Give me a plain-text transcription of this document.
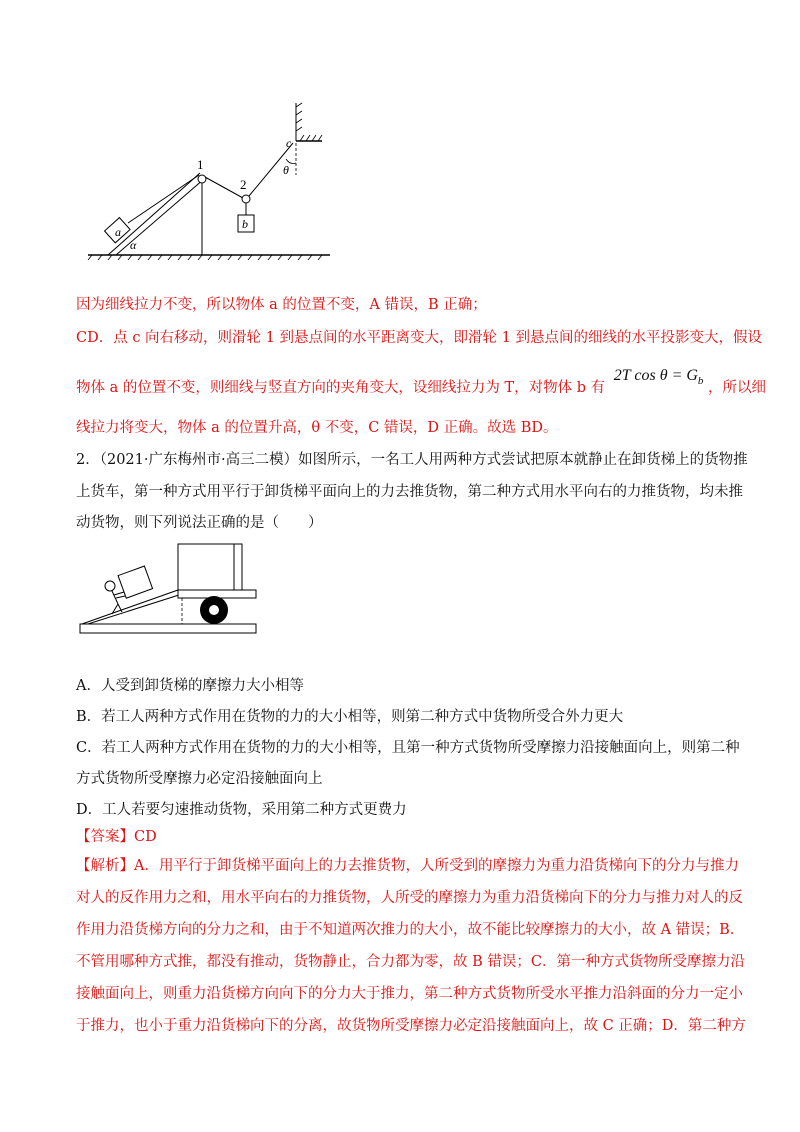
a
α
1
2
b
c
θ
因为细线拉力不变，所以物体 a 的位置不变，A 错误，B 正确；
CD．点 c 向右移动，则滑轮 1 到悬点间的水平距离变大，即滑轮 1 到悬点间的细线的水平投影变大，假设
物体 a 的位置不变，则细线与竖直方向的夹角变大，设细线拉力为 T，对物体 b 有 2T $\cos \theta = G_b$ ，所以细
线拉力将变大，物体 a 的位置升高，θ 不变，C 错误，D 正确。故选 BD。
2．（2021·广东梅州市·高三二模）如图所示，一名工人用两种方式尝试把原本就静止在卸货梯上的货物推
上货车，第一种方式用平行于卸货梯平面向上的力去推货物，第二种方式用水平向右的力推货物，均未推
动货物，则下列说法正确的是（　　）
A．人受到卸货梯的摩擦力大小相等
B．若工人两种方式作用在货物的力的大小相等，则第二种方式中货物所受合外力更大
C．若工人两种方式作用在货物的力的大小相等，且第一种方式货物所受摩擦力沿接触面向上，则第二种
方式货物所受摩擦力必定沿接触面向上
D．工人若要匀速推动货物，采用第二种方式更费力
【答案】CD
【解析】A．用平行于卸货梯平面向上的力去推货物，人所受到的摩擦力为重力沿货梯向下的分力与推力
对人的反作用力之和，用水平向右的力推货物，人所受的摩擦力为重力沿货梯向下的分力与推力对人的反
作用力沿货梯方向的分力之和，由于不知道两次推力的大小，故不能比较摩擦力的大小，故 A 错误；B．
不管用哪种方式推，都没有推动，货物静止，合力都为零，故 B 错误；C．第一种方式货物所受摩擦力沿
接触面向上，则重力沿货梯方向向下的分力大于推力，第二种方式货物所受水平推力沿斜面的分力一定小
于推力，也小于重力沿货梯向下的分离，故货物所受摩擦力必定沿接触面向上，故 C 正确；D．第二种方
